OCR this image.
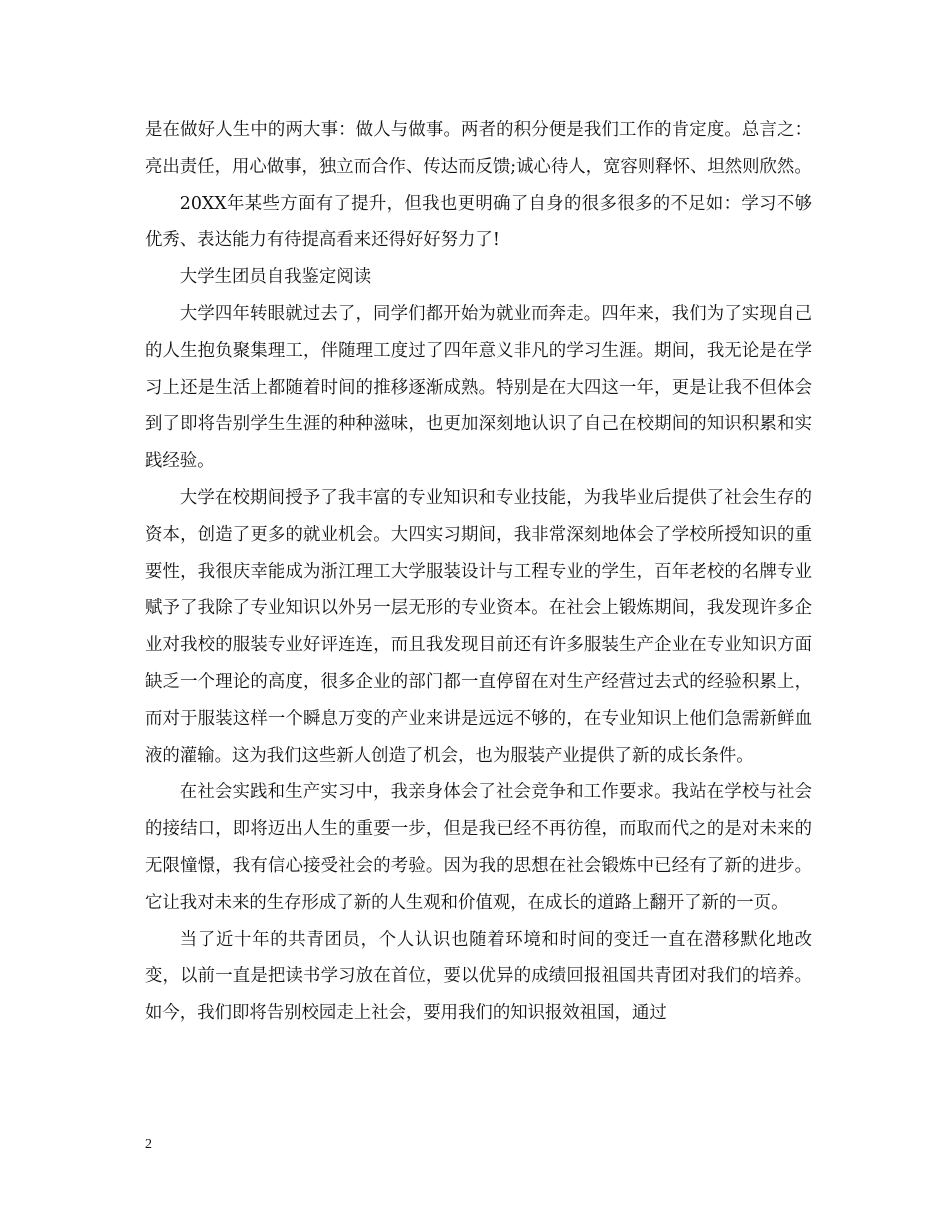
是在做好人生中的两大事：做人与做事。两者的积分便是我们工作的肯定度。总言之：亮出责任，用心做事，独立而合作、传达而反馈;诚心待人，宽容则释怀、坦然则欣然。

20XX年某些方面有了提升，但我也更明确了自身的很多很多的不足如：学习不够优秀、表达能力有待提高看来还得好好努力了!

大学生团员自我鉴定阅读

大学四年转眼就过去了，同学们都开始为就业而奔走。四年来，我们为了实现自己的人生抱负聚集理工，伴随理工度过了四年意义非凡的学习生涯。期间，我无论是在学习上还是生活上都随着时间的推移逐渐成熟。特别是在大四这一年，更是让我不但体会到了即将告别学生生涯的种种滋味，也更加深刻地认识了自己在校期间的知识积累和实践经验。

大学在校期间授予了我丰富的专业知识和专业技能，为我毕业后提供了社会生存的资本，创造了更多的就业机会。大四实习期间，我非常深刻地体会了学校所授知识的重要性，我很庆幸能成为浙江理工大学服装设计与工程专业的学生，百年老校的名牌专业赋予了我除了专业知识以外另一层无形的专业资本。在社会上锻炼期间，我发现许多企业对我校的服装专业好评连连，而且我发现目前还有许多服装生产企业在专业知识方面缺乏一个理论的高度，很多企业的部门都一直停留在对生产经营过去式的经验积累上，而对于服装这样一个瞬息万变的产业来讲是远远不够的，在专业知识上他们急需新鲜血液的灌输。这为我们这些新人创造了机会，也为服装产业提供了新的成长条件。

在社会实践和生产实习中，我亲身体会了社会竞争和工作要求。我站在学校与社会的接结口，即将迈出人生的重要一步，但是我已经不再彷徨，而取而代之的是对未来的无限憧憬，我有信心接受社会的考验。因为我的思想在社会锻炼中已经有了新的进步。它让我对未来的生存形成了新的人生观和价值观，在成长的道路上翻开了新的一页。

当了近十年的共青团员，个人认识也随着环境和时间的变迁一直在潜移默化地改变，以前一直是把读书学习放在首位，要以优异的成绩回报祖国共青团对我们的培养。如今，我们即将告别校园走上社会，要用我们的知识报效祖国，通过

2
